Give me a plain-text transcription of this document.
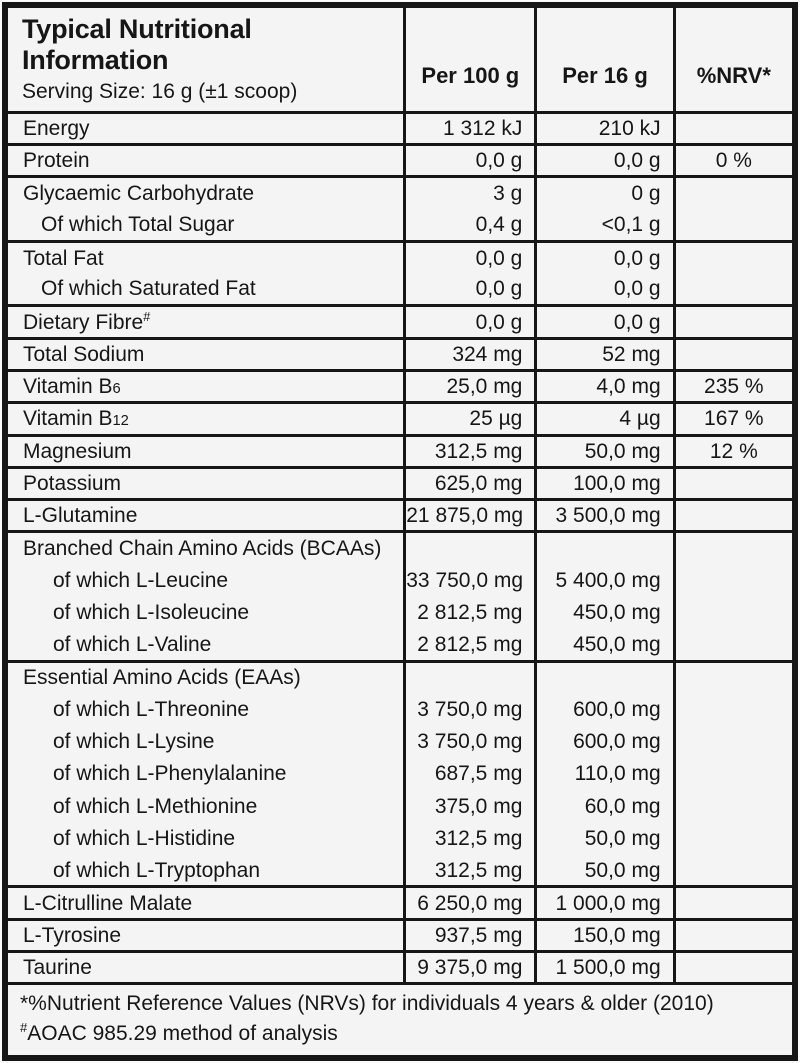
Typical Nutritional Information
Serving Size: 16 g (±1 scoop)	Per 100 g	Per 16 g	%NRV*
Energy	1 312 kJ	210 kJ	
Protein	0,0 g	0,0 g	0 %
Glycaemic Carbohydrate	3 g	0 g	
Of which Total Sugar	0,4 g	<0,1 g	
Total Fat	0,0 g	0,0 g	
Of which Saturated Fat	0,0 g	0,0 g	
Dietary Fibre#	0,0 g	0,0 g	
Total Sodium	324 mg	52 mg	
Vitamin B6	25,0 mg	4,0 mg	235 %
Vitamin B12	25 µg	4 µg	167 %
Magnesium	312,5 mg	50,0 mg	12 %
Potassium	625,0 mg	100,0 mg	
L-Glutamine	21 875,0 mg	3 500,0 mg	
Branched Chain Amino Acids (BCAAs)			
of which L-Leucine	33 750,0 mg	5 400,0 mg	
of which L-Isoleucine	2 812,5 mg	450,0 mg	
of which L-Valine	2 812,5 mg	450,0 mg	
Essential Amino Acids (EAAs)			
of which L-Threonine	3 750,0 mg	600,0 mg	
of which L-Lysine	3 750,0 mg	600,0 mg	
of which L-Phenylalanine	687,5 mg	110,0 mg	
of which L-Methionine	375,0 mg	60,0 mg	
of which L-Histidine	312,5 mg	50,0 mg	
of which L-Tryptophan	312,5 mg	50,0 mg	
L-Citrulline Malate	6 250,0 mg	1 000,0 mg	
L-Tyrosine	937,5 mg	150,0 mg	
Taurine	9 375,0 mg	1 500,0 mg	

*%Nutrient Reference Values (NRVs) for individuals 4 years & older (2010)
#AOAC 985.29 method of analysis			
